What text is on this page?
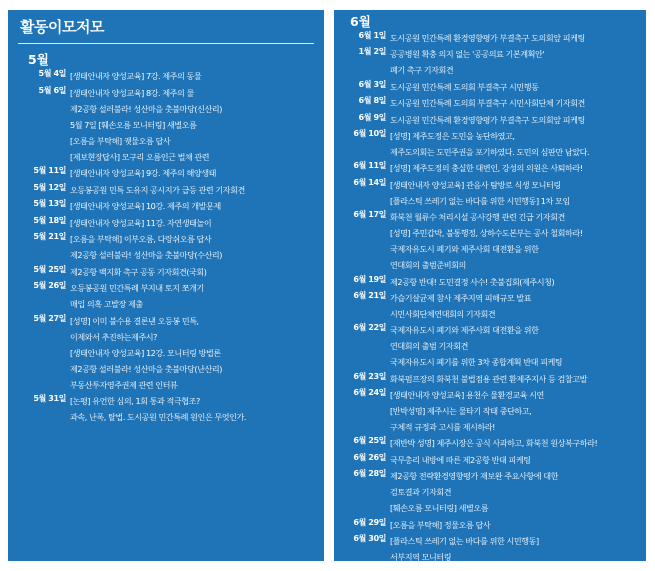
활동이모저모
5월
5월 4일 [생태안내자 양성교육] 7강. 제주의 동물
5월 6일 [생태안내자 양성교육] 8강. 제주의 물
제2공항 설러불라! 성산마을 촛불마당(신산리)
5월 7일 [훼손오름 모니터링] 새별오름
[오름을 부탁해] 궷물오름 답사
[제보현장답사] 모구리 오름인근 벌채 관련
5월 11일 [생태안내자 양성교육] 9강. 제주의 해양생태
5월 12일 오등봉공원 민특 도유지 공시지가 급등 관련 기자회견
5월 13일 [생태안내자 양성교육] 10강. 제주의 개발문제
5월 18일 [생태안내자 양성교육] 11강. 자연생태놀이
5월 21일 [오름을 부탁해] 이부오름, 다랑쉬오름 답사
제2공항 설러불라! 성산마을 촛불마당(수산리)
5월 25일 제2공항 백지화 촉구 공동 기자회견(국회)
5월 26일 오등봉공원 민간특례 부지내 토지 쪼개기
매입 의혹 고발장 제출
5월 27일 [성명] 이미 불수용 결론낸 오등봉 민특,
이제와서 추진하는제주시?
[생태안내자 양성교육] 12강. 모니터링 방법론
제2공항 설러불라! 성산마을 촛불마당(난산리)
부동산투자영주권제 관련 인터뷰
5월 31일 [논평] 유언한 심의, 1회 통과 적극협조?
과속, 난폭, 탈법. 도시공원 민간특례 원인은 무엇인가.
6월
6월 1일 도시공원 민간특례 환경영향평가 부결촉구 도의회앞 피케팅
1월 2일 공공병원 확충 의지 없는 '공공의료 기본계획안'
폐기 촉구 기자회견
6월 3일 도시공원 민간특례 도의회 부결촉구 시민행동
6월 8일 도시공원 민간특례 도의회 부결촉구 시민사회단체 기자회견
6월 9일 도시공원 민간특례 환경영향평가 부결촉구 도의회앞 피케팅
6월 10일 [성명] 제주도정은 도민을 농단하였고,
제주도의회는 도민주권을 포기하였다. 도민의 심판만 남았다.
6월 11일 [성명] 제주도정의 충실한 대변인, 강성의 의원은 사퇴하라!
6월 14일 [생태안내자 양성교육] 관음사 탐방로 식생 모니터링
[플라스틱 쓰레기 없는 바다를 위한 시민행동] 1차 모임
6월 17일 화북천 월류수 처리시설 공사강행 관련 긴급 기자회견
[성명] 주민갑박, 불통행정, 상하수도본부는 공사 철회하라!
국제자유도시 폐기와 제주사회 대전환을 위한
연대회의 출범준비회의
6월 19일 제2공항 반대! 도민결정 사수! 촛불집회(제주시청)
6월 21일 가습기살균제 참사 제주지역 피해규모 발표
시민사회단체연대회의 기자회견
6월 22일 국제자유도시 폐기와 제주사회 대전환을 위한
연대회의 출범 기자회견
국제자유도시 폐기를 위한 3차 종합계획 반대 피케팅
6월 23일 화북펌프장의 화북천 불법점용 관련 환제주지사 등 검찰고발
6월 24일 [생태안내자 양성교육] 용천수 물환경교육 시연
[반박성명] 제주시는 물타기 작태 중단하고,
구체적 규정과 고시를 제시하라!
6월 25일 [재반박 성명] 제주시장은 공식 사과하고, 화북천 원상복구하라!
6월 26일 국무총리 내방에 따른 제2공항 반대 피케팅
6월 28일 제2공항 전략환경영향평가 재보완 주요사항에 대한
검토결과 기자회견
[훼손오름 모니터링] 새별오름
6월 29일 [오름을 부탁해] 정물오름 답사
6월 30일 [플라스틱 쓰레기 없는 바다를 위한 시민행동]
서부지역 모니터링
